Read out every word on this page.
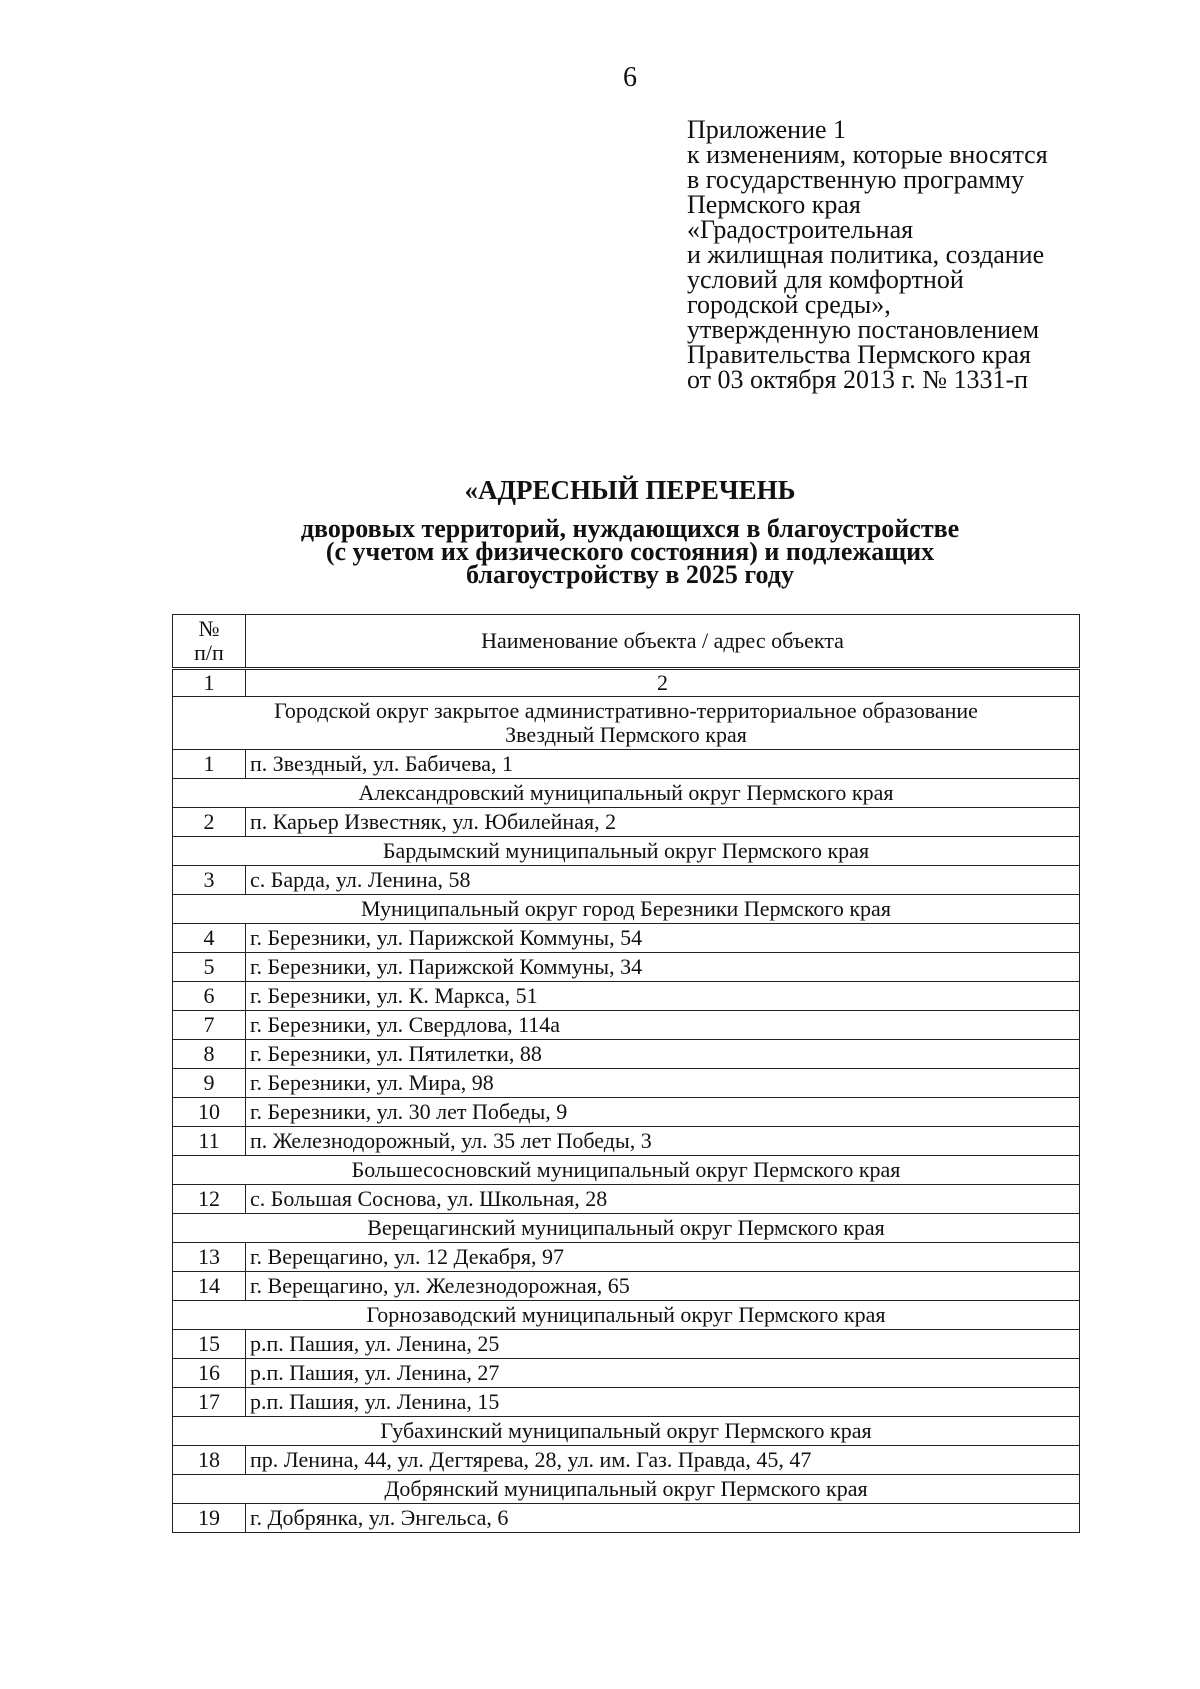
6
Приложение 1
к изменениям, которые вносятся
в государственную программу
Пермского края
«Градостроительная
и жилищная политика, создание
условий для комфортной
городской среды»,
утвержденную постановлением
Правительства Пермского края
от 03 октября 2013 г. № 1331-п
«АДРЕСНЫЙ ПЕРЕЧЕНЬ
дворовых территорий, нуждающихся в благоустройстве
(с учетом их физического состояния) и подлежащих
благоустройству в 2025 году
№
п/п	Наименование объекта / адрес объекта
1	2

Городской округ закрытое административно-территориальное образование
Звездный Пермского края	

1	п. Звездный, ул. Бабичева, 1

Александровский муниципальный округ Пермского края	

2	п. Карьер Известняк, ул. Юбилейная, 2

Бардымский муниципальный округ Пермского края	

3	с. Барда, ул. Ленина, 58

Муниципальный округ город Березники Пермского края	

4	г. Березники, ул. Парижской Коммуны, 54
5	г. Березники, ул. Парижской Коммуны, 34
6	г. Березники, ул. К. Маркса, 51
7	г. Березники, ул. Свердлова, 114а
8	г. Березники, ул. Пятилетки, 88
9	г. Березники, ул. Мира, 98
10	г. Березники, ул. 30 лет Победы, 9
11	п. Железнодорожный, ул. 35 лет Победы, 3

Большесосновский муниципальный округ Пермского края	

12	с. Большая Соснова, ул. Школьная, 28

Верещагинский муниципальный округ Пермского края	

13	г. Верещагино, ул. 12 Декабря, 97
14	г. Верещагино, ул. Железнодорожная, 65

Горнозаводский муниципальный округ Пермского края	

15	р.п. Пашия, ул. Ленина, 25
16	р.п. Пашия, ул. Ленина, 27
17	р.п. Пашия, ул. Ленина, 15

Губахинский муниципальный округ Пермского края	

18	пр. Ленина, 44, ул. Дегтярева, 28, ул. им. Газ. Правда, 45, 47

Добрянский муниципальный округ Пермского края	

19	г. Добрянка, ул. Энгельса, 6
